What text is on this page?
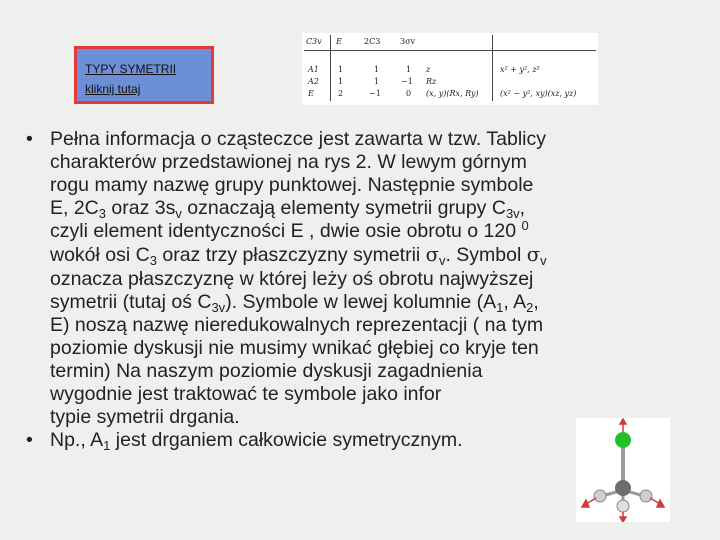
TYPY SYMETRII
kliknij tutaj
C3v E	2C3 3σv
A1 1	1	1 z	x² + y², z²
A2 1	1	−1 Rz
E	2	−1	0 (x, y)(Rx, Ry)	(x² − y², xy)(xz, yz)
• Pełna informacja o cząsteczce jest zawarta w tzw. Tablicy
charakterów przedstawionej na rys 2. W lewym górnym
rogu mamy nazwę grupy punktowej. Następnie symbole
E, $2C_3$ oraz $3s_v$ oznaczają elementy symetrii grupy $C_{3v}$,
czyli element identyczności E , dwie osie obrotu o 120 $^0$
wokół osi $C_3$ oraz trzy płaszczyzny symetrii $\sigma_v$. Symbol $\sigma_v$
oznacza płaszczyznę w której leży oś obrotu najwyższej
symetrii (tutaj oś $C_{3v}$). Symbole w lewej kolumnie ($A_1$, $A_2$,
E) noszą nazwę nieredukowalnych reprezentacji ( na tym
poziomie dyskusji nie musimy wnikać głębiej co kryje ten
termin) Na naszym poziomie dyskusji zagadnienia
wygodnie jest traktować te symbole jako infor
typie symetrii drgania.
• Np., $A_1$ jest drganiem całkowicie symetrycznym.
